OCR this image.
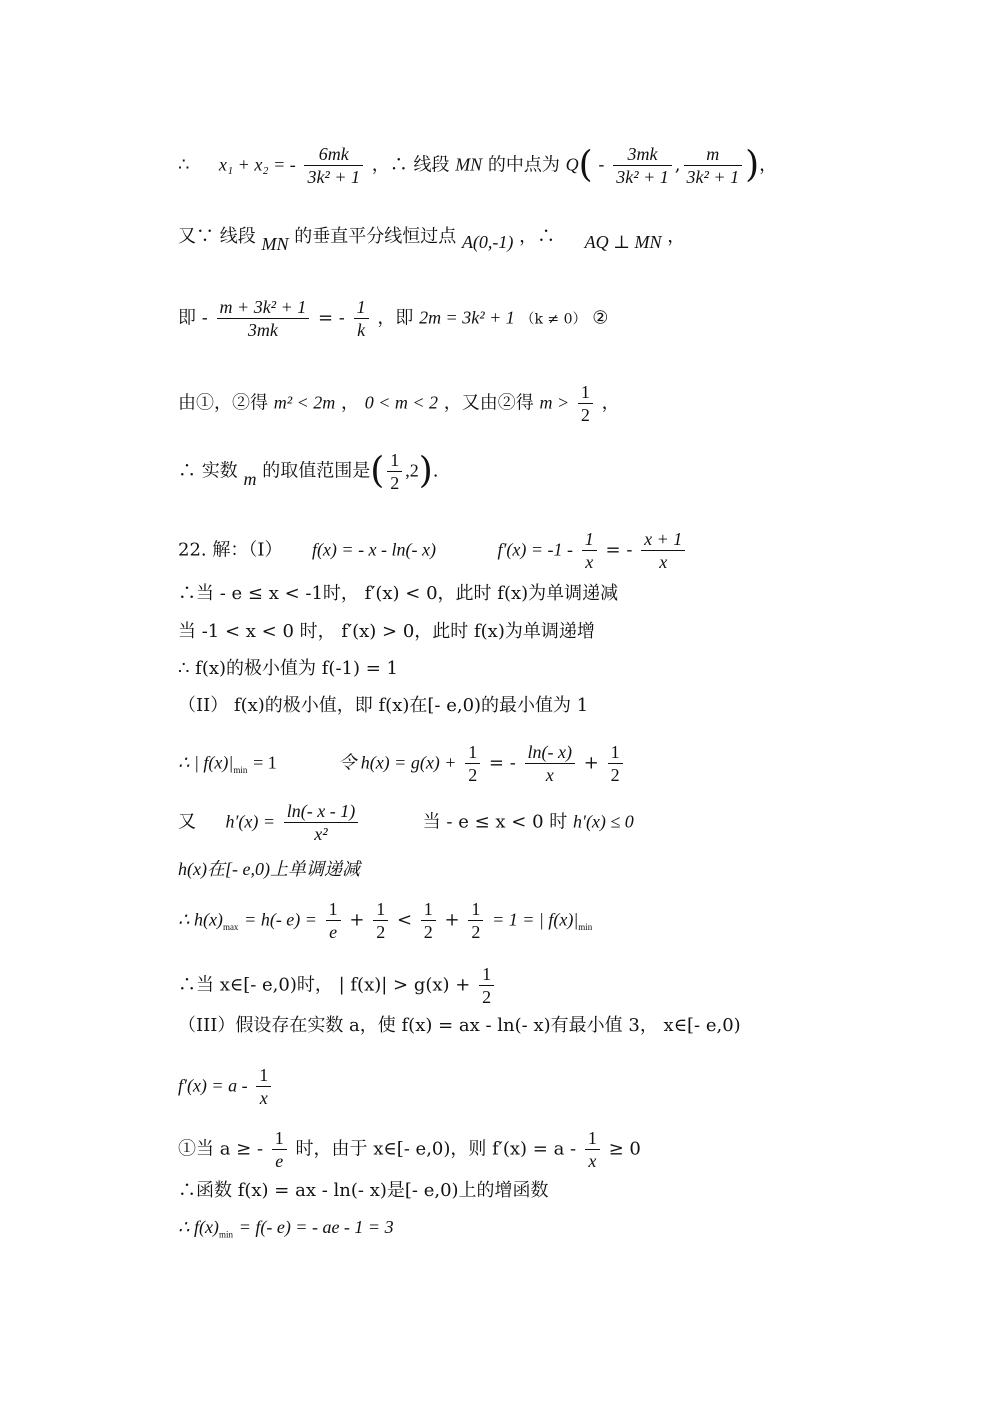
∴ x₁ + x₂ = - $\frac{6mk}{\text{3k² + 1}}$ ，∴ 线段 MN 的中点为 $Q( - \frac{3mk}{\text{3k² + 1}}$ , $\frac{m}{\text{3k² + 1}}$ )，
又∵ 线段 MN 的垂直平分线恒过点 A(0,-1) ，∴ AQ ⊥ MN ，
即 - $\frac{\text{m + 3k² + 1}}{3mk}$ = - $\frac{1}{k}$ ，即 2m = 3k² + 1 （k ≠ 0） ②
由①，②得 m² < 2m ， 0 < m < 2 ，又由②得 $m > \frac{1}{2}$ ，
∴ 实数 m 的取值范围是( $\frac{1}{2} ,2$).
22. 解：（I） f(x) = - x - ln(- x)	$f'(x) = -1 - \frac{1}{x}$ = - $\frac{x + 1}{x}$
∴当 - e ≤ x < -1时， f′(x) < 0，此时 f(x)为单调递减
当 -1 < x < 0 时， f′(x) > 0，此时 f(x)为单调递增
∴ f(x)的极小值为 f(-1) = 1
（II） f(x)的极小值，即 f(x)在[- e,0)的最小值为 1
∴ | $f(x)|_{min} = 1$	令 $h(x) = g(x) + \frac{1}{2}$ = - $\frac{\ln(- x)}{x} + \frac{1}{2}$
又 $h'(x) = \frac{\ln(- x - 1)}{\text{x²}}$	当 - e ≤ x < 0 时 h′(x) ≤ 0
h(x)在[- e,0)上单调递减
∴ $h(x)_{max} = h(-$ $e) = \frac{1}{e} + \frac{1}{2} < \frac{1}{2} + \frac{1}{2} = 1$ = | $f(x)|_{min}$
∴当 x∈[- e,0)时， | $f(x)| > g(x) + \frac{1}{2}$
（III）假设存在实数 a，使 f(x) = ax - ln(- x)有最小值 3， x∈[- e,0)
$f'(x) = a - \frac{1}{x}$
①当 a ≥ - $\frac{1}{e}$ 时，由于 x∈[- e,0)，则 $f'(x) = a - \frac{1}{x} \ge 0$
∴函数 f(x) = ax - ln(- x)是[- e,0)上的增函数
∴ $f(x)_{min} = f(-$ e) = - ae - 1 = 3
